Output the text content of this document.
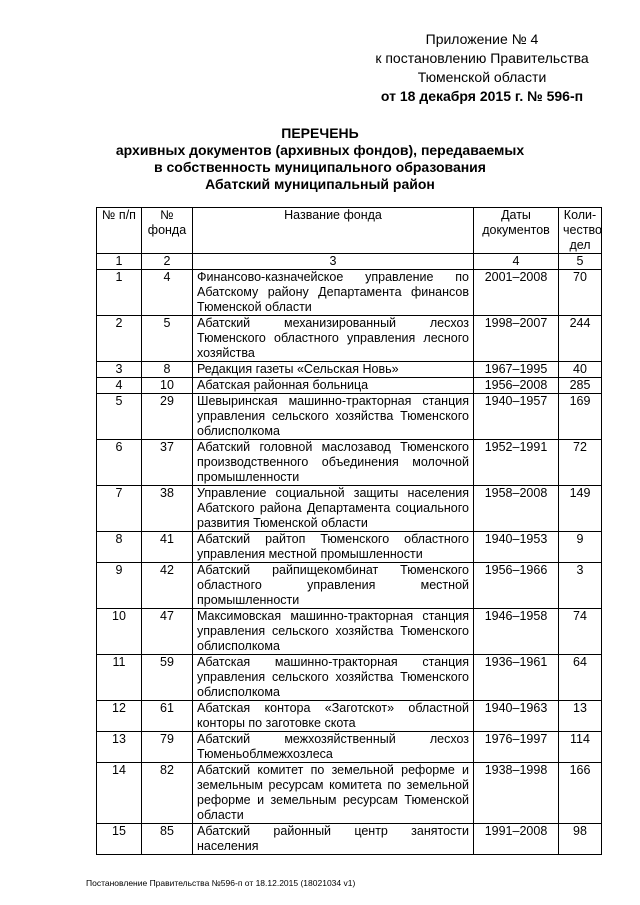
Приложение № 4
к постановлению Правительства
Тюменской области
от 18 декабря 2015 г. № 596-п
ПЕРЕЧЕНЬ
архивных документов (архивных фондов), передаваемых
в собственность муниципального образования
Абатский муниципальный район
№ п/п	№ фонда	Название фонда	Даты документов	Коли-чество дел
1	2	3	4	5
1	4	Финансово-казначейское управление по Абатскому району Департамента финансов Тюменской области	2001–2008	70
2	5	Абатский механизированный лесхоз Тюменского областного управления лесного хозяйства	1998–2007	244
3	8	Редакция газеты «Сельская Новь»	1967–1995	40
4	10	Абатская районная больница	1956–2008	285
5	29	Шевыринская машинно-тракторная станция управления сельского хозяйства Тюменского облисполкома	1940–1957	169
6	37	Абатский головной маслозавод Тюменского производственного объединения молочной промышленности	1952–1991	72
7	38	Управление социальной защиты населения Абатского района Департамента социального развития Тюменской области	1958–2008	149
8	41	Абатский райтоп Тюменского областного управления местной промышленности	1940–1953	9
9	42	Абатский райпищекомбинат Тюменского областного управления местной промышленности	1956–1966	3
10	47	Максимовская машинно-тракторная станция управления сельского хозяйства Тюменского облисполкома	1946–1958	74
11	59	Абатская машинно-тракторная станция управления сельского хозяйства Тюменского облисполкома	1936–1961	64
12	61	Абатская контора «Заготскот» областной конторы по заготовке скота	1940–1963	13
13	79	Абатский межхозяйственный лесхоз Тюменьоблмежхозлеса	1976–1997	114
14	82	Абатский комитет по земельной реформе и земельным ресурсам комитета по земельной реформе и земельным ресурсам Тюменской области	1938–1998	166
15	85	Абатский районный центр занятости населения	1991–2008	98
Постановление Правительства №596-п от 18.12.2015 (18021034 v1)
